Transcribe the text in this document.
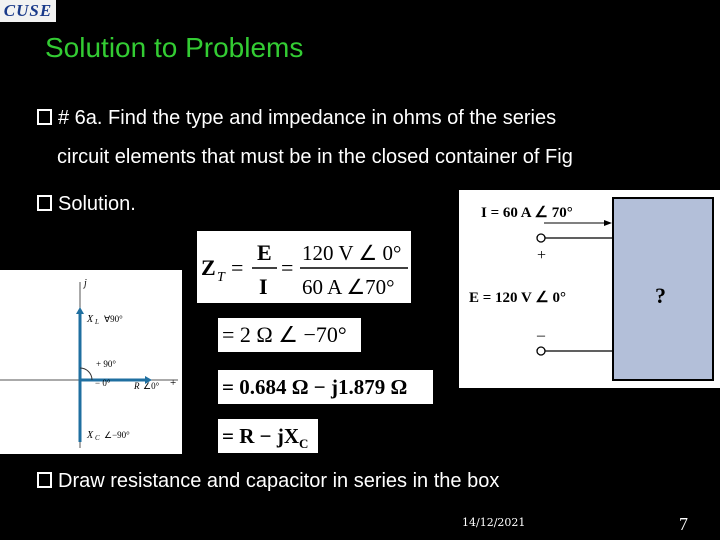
CUSE
Solution to Problems
# 6a. Find the type and impedance in ohms of the series
circuit elements that must be in the closed container of Fig
Solution.
Draw resistance and capacitor in series in the box
Z T =
E
I
=
120 V ∠ 0°
60 A ∠70°
= 2 Ω ∠ −70°
= 0.684 Ω − j1.879 Ω
= $R - jX_C$
j
X L ∀90°
+ 90°
− 0°	R ∠0° +
X C ∠−90°
I = 60 A ∠ 70°
+
E = 120 V ∠ 0°
–
?
14/12/2021	7
